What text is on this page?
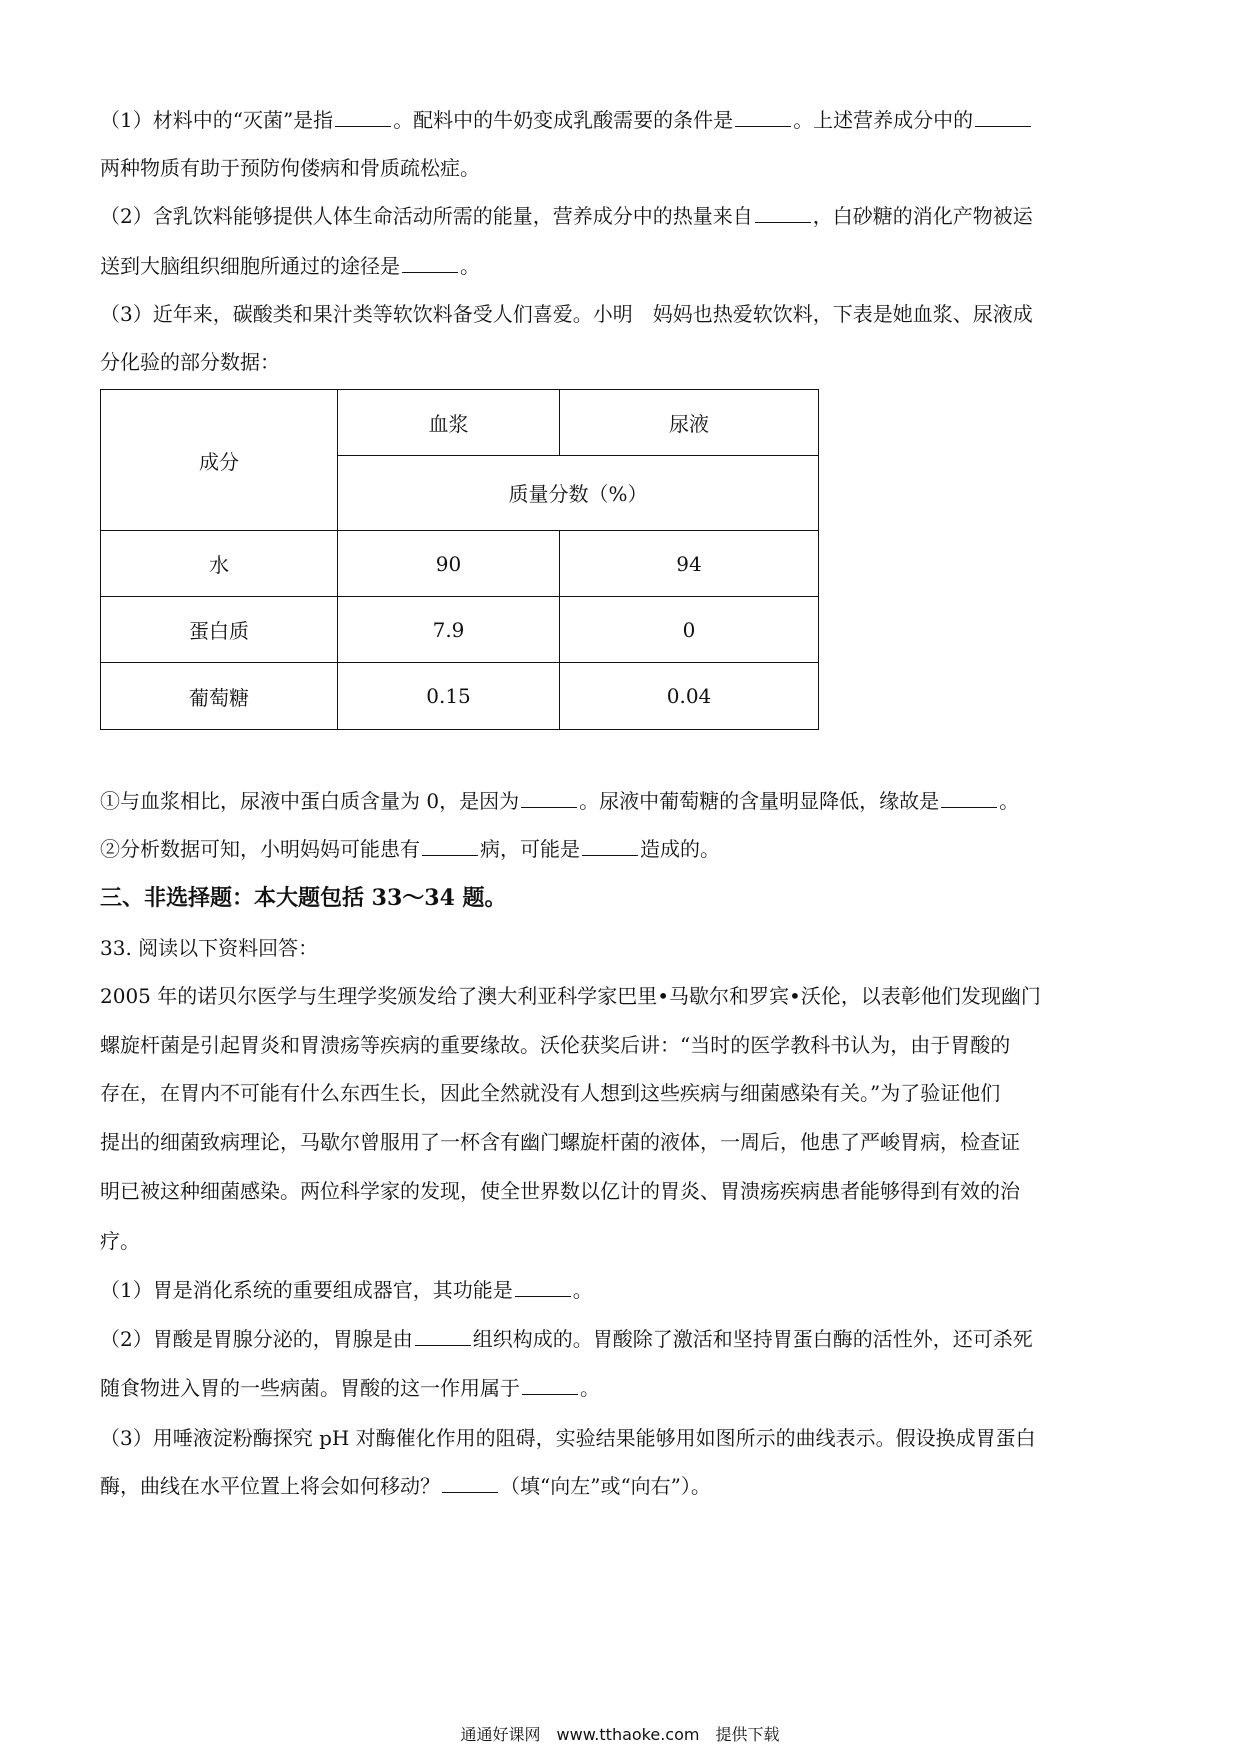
（1）材料中的“灭菌”是指	。配料中的牛奶变成乳酸需要的条件是	。上述营养成分中的
两种物质有助于预防佝偻病和骨质疏松症。
（2）含乳饮料能够提供人体生命活动所需的能量，营养成分中的热量来自	，白砂糖的消化产物被运
送到大脑组织细胞所通过的途径是	。
（3）近年来，碳酸类和果汁类等软饮料备受人们喜爱。小明　妈妈也热爱软饮料，下表是她血浆、尿液成
分化验的部分数据：
成分	血浆	尿液
	质量分数（%）	
水	90	94
蛋白质	7.9	0
葡萄糖	0.15	0.04
①与血浆相比，尿液中蛋白质含量为 0，是因为	。尿液中葡萄糖的含量明显降低，缘故是	。
②分析数据可知，小明妈妈可能患有	病，可能是	造成的。
三、非选择题：本大题包括 33～34 题。
33. 阅读以下资料回答：
2005 年的诺贝尔医学与生理学奖颁发给了澳大利亚科学家巴里•马歇尔和罗宾•沃伦，以表彰他们发现幽门
螺旋杆菌是引起胃炎和胃溃疡等疾病的重要缘故。沃伦获奖后讲：“当时的医学教科书认为，由于胃酸的
存在，在胃内不可能有什么东西生长，因此全然就没有人想到这些疾病与细菌感染有关。”为了验证他们
提出的细菌致病理论，马歇尔曾服用了一杯含有幽门螺旋杆菌的液体，一周后，他患了严峻胃病，检查证
明已被这种细菌感染。两位科学家的发现，使全世界数以亿计的胃炎、胃溃疡疾病患者能够得到有效的治
疗。
（1）胃是消化系统的重要组成器官，其功能是	。
（2）胃酸是胃腺分泌的，胃腺是由	组织构成的。胃酸除了激活和坚持胃蛋白酶的活性外，还可杀死
随食物进入胃的一些病菌。胃酸的这一作用属于	。
（3）用唾液淀粉酶探究 pH 对酶催化作用的阻碍，实验结果能够用如图所示的曲线表示。假设换成胃蛋白
酶，曲线在水平位置上将会如何移动？	（填“向左”或“向右”）。
通通好课网　www.tthaoke.com　提供下载
